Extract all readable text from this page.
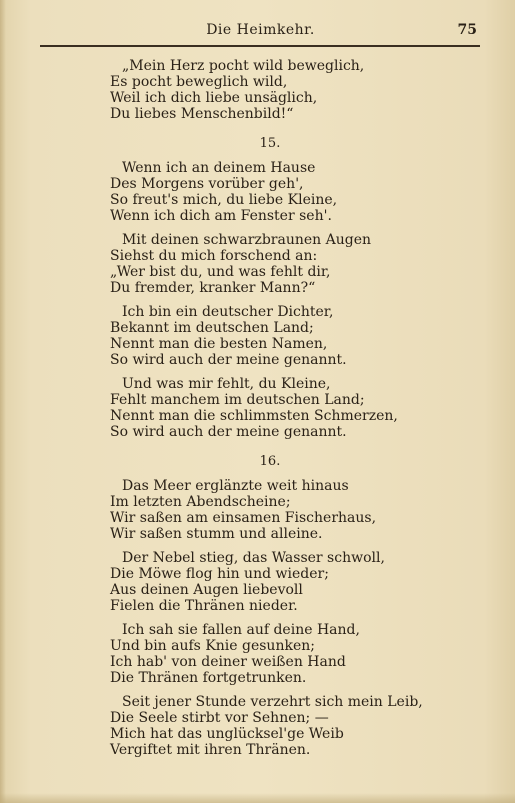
Die Heimkehr.	75
„Mein Herz pocht wild beweglich,
Es pocht beweglich wild,
Weil ich dich liebe unsäglich,
Du liebes Menschenbild!“
15.
Wenn ich an deinem Hause
Des Morgens vorüber geh',
So freut's mich, du liebe Kleine,
Wenn ich dich am Fenster seh'.
Mit deinen schwarzbraunen Augen
Siehst du mich forschend an:
„Wer bist du, und was fehlt dir,
Du fremder, kranker Mann?“
Ich bin ein deutscher Dichter,
Bekannt im deutschen Land;
Nennt man die besten Namen,
So wird auch der meine genannt.
Und was mir fehlt, du Kleine,
Fehlt manchem im deutschen Land;
Nennt man die schlimmsten Schmerzen,
So wird auch der meine genannt.
16.
Das Meer erglänzte weit hinaus
Im letzten Abendscheine;
Wir saßen am einsamen Fischerhaus,
Wir saßen stumm und alleine.
Der Nebel stieg, das Wasser schwoll,
Die Möwe flog hin und wieder;
Aus deinen Augen liebevoll
Fielen die Thränen nieder.
Ich sah sie fallen auf deine Hand,
Und bin aufs Knie gesunken;
Ich hab' von deiner weißen Hand
Die Thränen fortgetrunken.
Seit jener Stunde verzehrt sich mein Leib,
Die Seele stirbt vor Sehnen; —
Mich hat das unglücksel'ge Weib
Vergiftet mit ihren Thränen.
